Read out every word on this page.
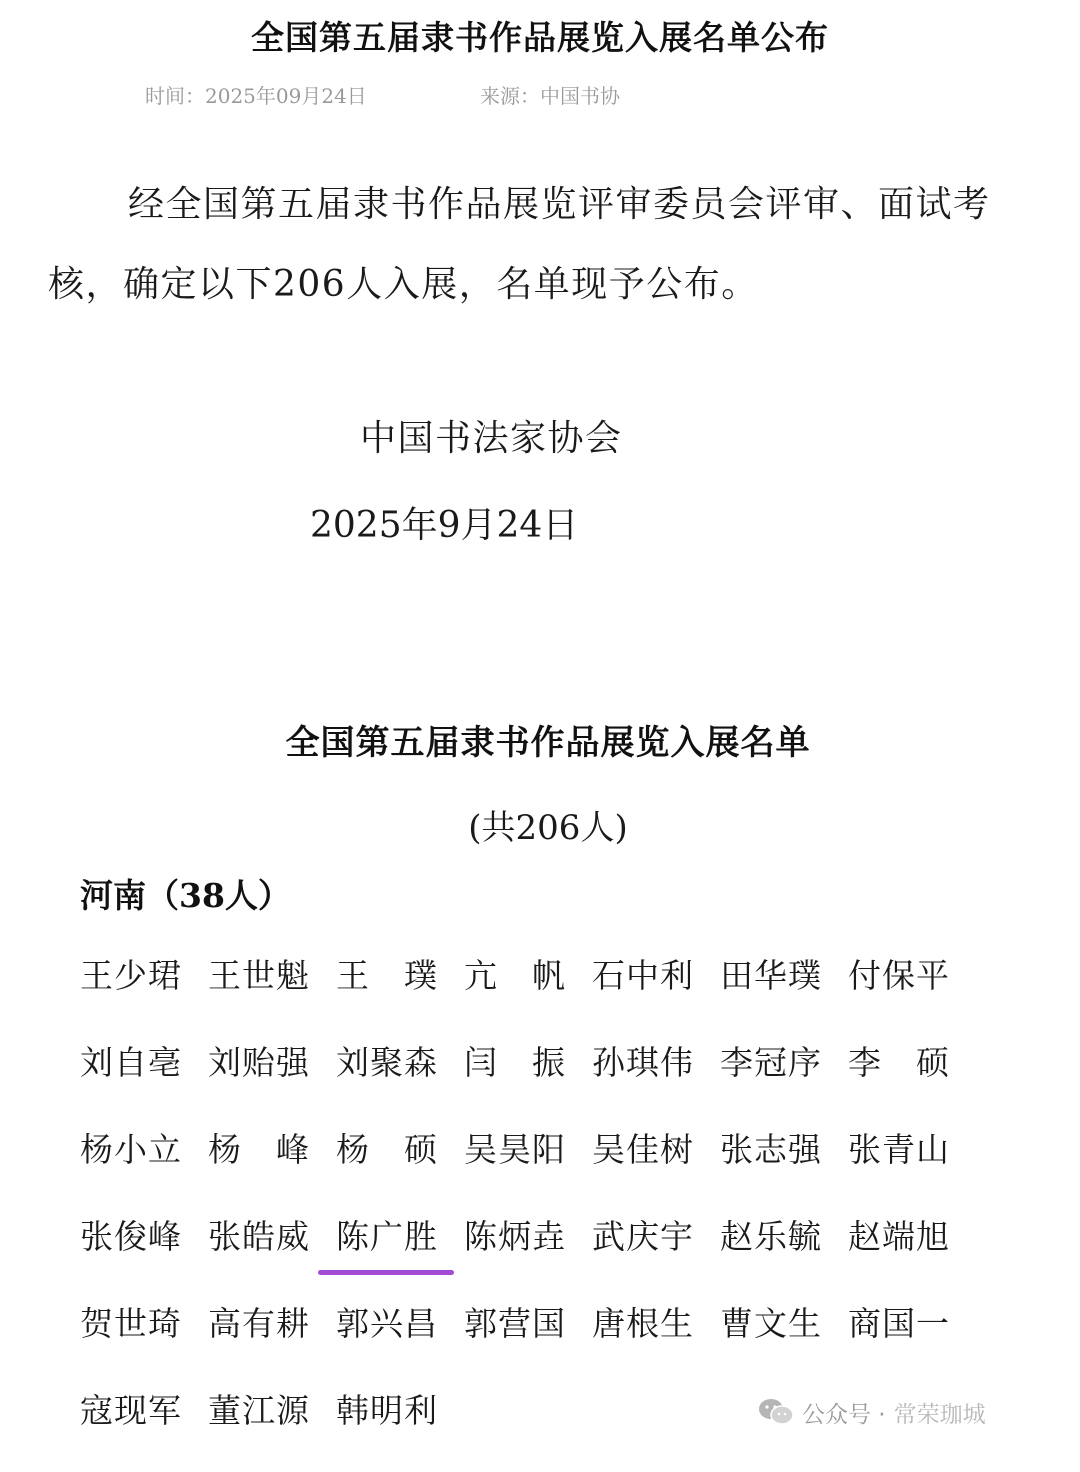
全国第五届隶书作品展览入展名单公布
时间：2025年09月24日	来源：中国书协
经全国第五届隶书作品展览评审委员会评审、面试考核，确定以下206人入展，名单现予公布。
中国书法家协会
2025年9月24日
全国第五届隶书作品展览入展名单
(共206人)
河南（38人）
王少珺 王世魁 王　璞 亢　帆 石中利 田华璞 付保平
刘自亳 刘贻强 刘聚森 闫　振 孙琪伟 李冠序 李　硕
杨小立 杨　峰 杨　硕 吴昊阳 吴佳树 张志强 张青山
张俊峰 张皓威 陈广胜 陈炳垚 武庆宇 赵乐毓 赵端旭
贺世琦 高有耕 郭兴昌 郭营国 唐根生 曹文生 商国一
寇现军 董江源 韩明利	公众号 · 常荣珈城
